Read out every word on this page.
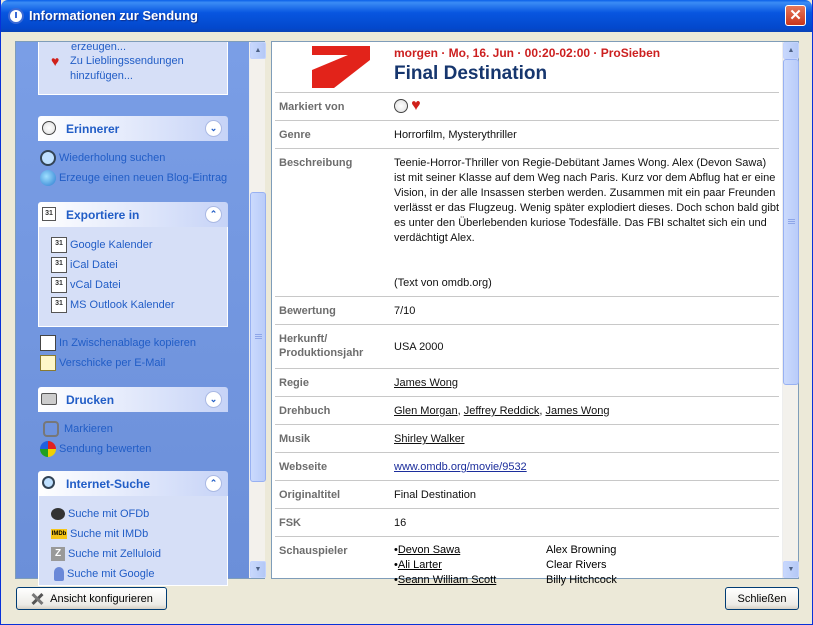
Informationen zur Sendung	✕
erzeugen...
♥ Zu Lieblingssendungen
hinzufügen...
Erinnerer	⌄
Wiederholung suchen
Erzeuge einen neuen Blog-Eintrag
31 Exportiere in	⌃
31 Google Kalender
31 iCal Datei
31 vCal Datei
31 MS Outlook Kalender
In Zwischenablage kopieren
Verschicke per E-Mail
Drucken	⌄
Markieren
Sendung bewerten
Internet-Suche	⌃
Suche mit OFDb
IMDb Suche mit IMDb
Z Suche mit Zelluloid
Suche mit Google
▲
▼
morgen · Mo, 16. Jun · 00:20-02:00 · ProSieben
Final Destination
Markiert von	♥
Genre	Horrorfilm, Mysterythriller
Beschreibung	Teenie-Horror-Thriller von Regie-Debütant James Wong. Alex (Devon Sawa) ist mit seiner Klasse auf dem Weg nach Paris. Kurz vor dem Abflug hat er eine Vision, in der alle Insassen sterben werden. Zusammen mit ein paar Freunden verlässt er das Flugzeug. Wenig später explodiert dieses. Doch schon bald gibt es unter den Überlebenden kuriose Todesfälle. Das FBI schaltet sich ein und verdächtigt Alex.
(Text von omdb.org)
Bewertung	7/10
Herkunft/
Produktionsjahr	USA 2000
Regie	James Wong
Drehbuch	Glen Morgan, Jeffrey Reddick, James Wong
Musik	Shirley Walker
Webseite	www.omdb.org/movie/9532
Originaltitel	Final Destination
FSK	16
Schauspieler	•Devon Sawa	Alex Browning
•Ali Larter	Clear Rivers
•Seann William Scott	Billy Hitchcock
▲
▼
Ansicht konfigurieren	Schließen
